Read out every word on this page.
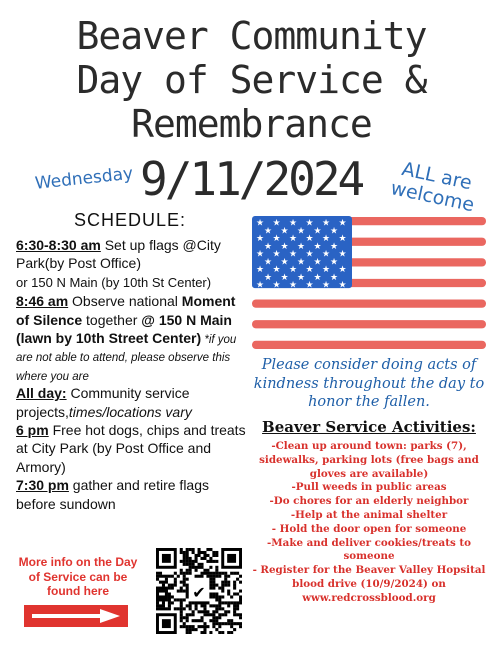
Beaver Community
Day of Service &
Remembrance
Wednesday 9/11/2024	ALL are welcome
SCHEDULE:

6:30-8:30 am Set up flags @City Park(by Post Office)
or 150 N Main (by 10th St Center)

8:46 am Observe national Moment of Silence together @ 150 N Main (lawn by 10th Street Center) *if you are not able to attend, please observe this where you are

All day: Community service projects,times/locations vary

6 pm Free hot dogs, chips and treats at City Park (by Post Office and Armory)

7:30 pm gather and retire flags before sundown

More info on the Day of Service can be found here	✔
★ ★ ★ ★ ★ ★
★ ★ ★ ★ ★
★ ★ ★ ★ ★ ★
★ ★ ★ ★ ★
★ ★ ★ ★ ★ ★
★ ★ ★ ★ ★
★ ★ ★ ★ ★ ★
★ ★ ★ ★ ★
★ ★ ★ ★ ★ ★
Please consider doing acts of kindness throughout the day to honor the fallen.
Beaver Service Activities:
-Clean up around town: parks (7), sidewalks, parking lots (free bags and gloves are available)
-Pull weeds in public areas
-Do chores for an elderly neighbor
-Help at the animal shelter
- Hold the door open for someone
-Make and deliver cookies/treats to someone
- Register for the Beaver Valley Hopsital blood drive (10/9/2024) on www.redcrossblood.org
